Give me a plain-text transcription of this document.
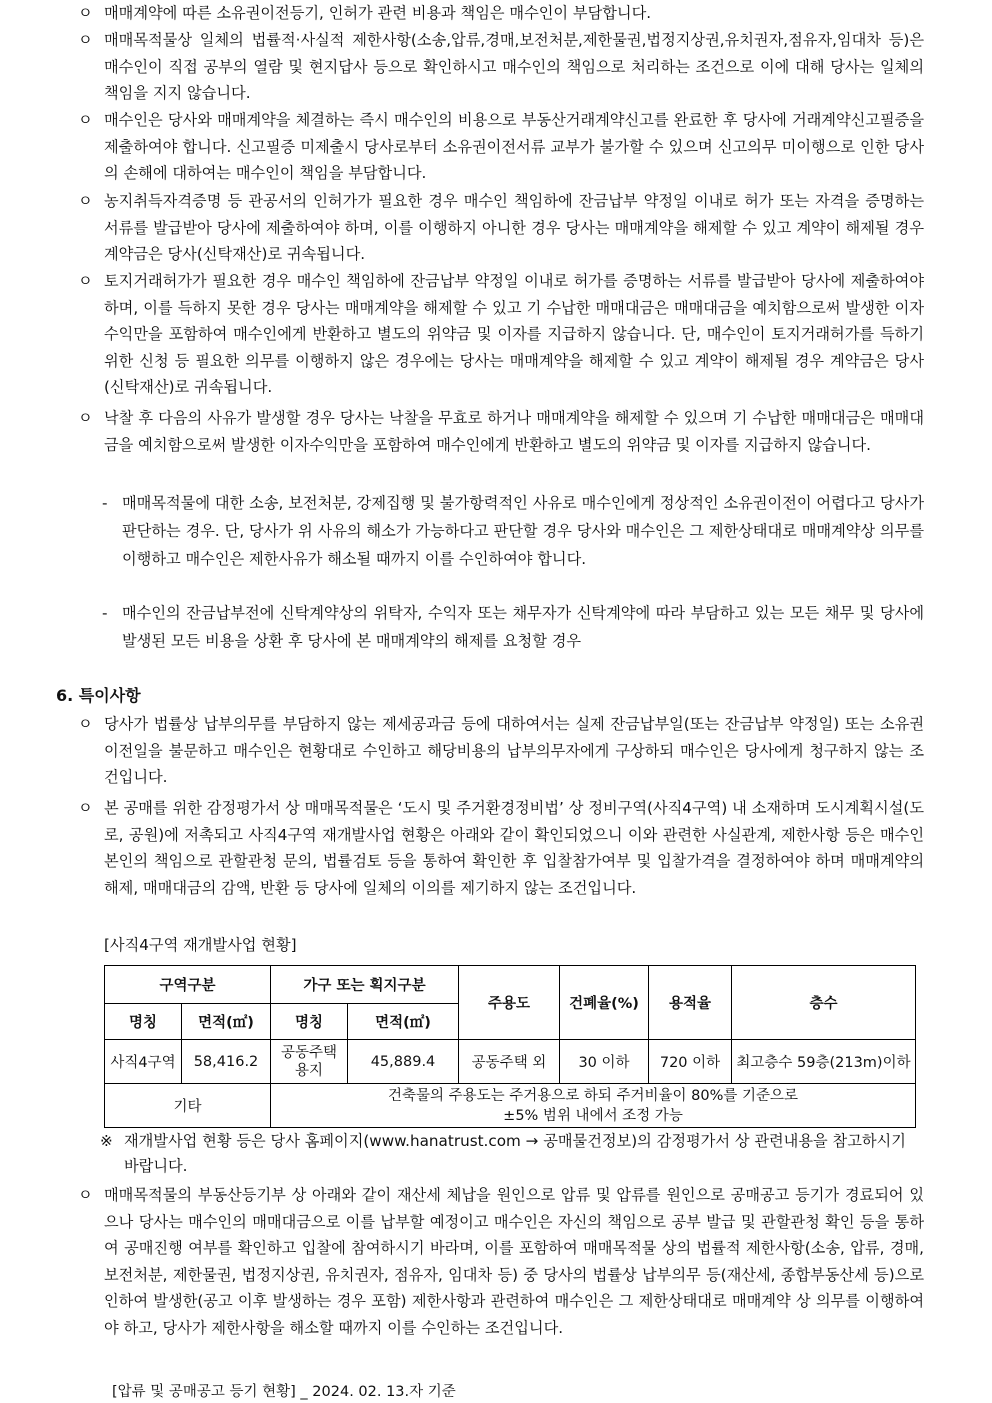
ㅇ 매매계약에 따른 소유권이전등기, 인허가 관련 비용과 책임은 매수인이 부담합니다.
ㅇ 매매목적물상 일체의 법률적·사실적 제한사항(소송,압류,경매,보전처분,제한물권,법정지상권,유치권자,점유자,임대차 등)은 매수인이 직접 공부의 열람 및 현지답사 등으로 확인하시고 매수인의 책임으로 처리하는 조건으로 이에 대해 당사는 일체의 책임을 지지 않습니다.
ㅇ 매수인은 당사와 매매계약을 체결하는 즉시 매수인의 비용으로 부동산거래계약신고를 완료한 후 당사에 거래계약신고필증을 제출하여야 합니다. 신고필증 미제출시 당사로부터 소유권이전서류 교부가 불가할 수 있으며 신고의무 미이행으로 인한 당사의 손해에 대하여는 매수인이 책임을 부담합니다.
ㅇ 농지취득자격증명 등 관공서의 인허가가 필요한 경우 매수인 책임하에 잔금납부 약정일 이내로 허가 또는 자격을 증명하는 서류를 발급받아 당사에 제출하여야 하며, 이를 이행하지 아니한 경우 당사는 매매계약을 해제할 수 있고 계약이 해제될 경우 계약금은 당사(신탁재산)로 귀속됩니다.
ㅇ 토지거래허가가 필요한 경우 매수인 책임하에 잔금납부 약정일 이내로 허가를 증명하는 서류를 발급받아 당사에 제출하여야 하며, 이를 득하지 못한 경우 당사는 매매계약을 해제할 수 있고 기 수납한 매매대금은 매매대금을 예치함으로써 발생한 이자수익만을 포함하여 매수인에게 반환하고 별도의 위약금 및 이자를 지급하지 않습니다. 단, 매수인이 토지거래허가를 득하기 위한 신청 등 필요한 의무를 이행하지 않은 경우에는 당사는 매매계약을 해제할 수 있고 계약이 해제될 경우 계약금은 당사(신탁재산)로 귀속됩니다.
ㅇ 낙찰 후 다음의 사유가 발생할 경우 당사는 낙찰을 무효로 하거나 매매계약을 해제할 수 있으며 기 수납한 매매대금은 매매대금을 예치함으로써 발생한 이자수익만을 포함하여 매수인에게 반환하고 별도의 위약금 및 이자를 지급하지 않습니다.
- 매매목적물에 대한 소송, 보전처분, 강제집행 및 불가항력적인 사유로 매수인에게 정상적인 소유권이전이 어렵다고 당사가 판단하는 경우. 단, 당사가 위 사유의 해소가 가능하다고 판단할 경우 당사와 매수인은 그 제한상태대로 매매계약상 의무를 이행하고 매수인은 제한사유가 해소될 때까지 이를 수인하여야 합니다.
- 매수인의 잔금납부전에 신탁계약상의 위탁자, 수익자 또는 채무자가 신탁계약에 따라 부담하고 있는 모든 채무 및 당사에 발생된 모든 비용을 상환 후 당사에 본 매매계약의 해제를 요청할 경우
6. 특이사항
ㅇ 당사가 법률상 납부의무를 부담하지 않는 제세공과금 등에 대하여서는 실제 잔금납부일(또는 잔금납부 약정일) 또는 소유권이전일을 불문하고 매수인은 현황대로 수인하고 해당비용의 납부의무자에게 구상하되 매수인은 당사에게 청구하지 않는 조건입니다.
ㅇ 본 공매를 위한 감정평가서 상 매매목적물은 ‘도시 및 주거환경정비법’ 상 정비구역(사직4구역) 내 소재하며 도시계획시설(도로, 공원)에 저촉되고 사직4구역 재개발사업 현황은 아래와 같이 확인되었으니 이와 관련한 사실관계, 제한사항 등은 매수인 본인의 책임으로 관할관청 문의, 법률검토 등을 통하여 확인한 후 입찰참가여부 및 입찰가격을 결정하여야 하며 매매계약의 해제, 매매대금의 감액, 반환 등 당사에 일체의 이의를 제기하지 않는 조건입니다.
[사직4구역 재개발사업 현황]
구역구분		가구 또는 획지구분		주용도	건폐율(%)	용적율	층수
명칭	면적(㎡)	명칭	면적(㎡)				
사직4구역	58,416.2	공동주택 용지	45,889.4	공동주택 외	30 이하	720 이하	최고층수 59층(213m)이하
기타		건축물의 주용도는 주거용으로 하되 주거비율이 80%를 기준으로
±5% 범위 내에서 조정 가능					
※ 재개발사업 현황 등은 당사 홈페이지(www.hanatrust.com → 공매물건정보)의 감정평가서 상 관련내용을 참고하시기 바랍니다.
ㅇ 매매목적물의 부동산등기부 상 아래와 같이 재산세 체납을 원인으로 압류 및 압류를 원인으로 공매공고 등기가 경료되어 있으나 당사는 매수인의 매매대금으로 이를 납부할 예정이고 매수인은 자신의 책임으로 공부 발급 및 관할관청 확인 등을 통하여 공매진행 여부를 확인하고 입찰에 참여하시기 바라며, 이를 포함하여 매매목적물 상의 법률적 제한사항(소송, 압류, 경매, 보전처분, 제한물권, 법정지상권, 유치권자, 점유자, 임대차 등) 중 당사의 법률상 납부의무 등(재산세, 종합부동산세 등)으로 인하여 발생한(공고 이후 발생하는 경우 포함) 제한사항과 관련하여 매수인은 그 제한상태대로 매매계약 상 의무를 이행하여야 하고, 당사가 제한사항을 해소할 때까지 이를 수인하는 조건입니다.
[압류 및 공매공고 등기 현황] _ 2024. 02. 13.자 기준
